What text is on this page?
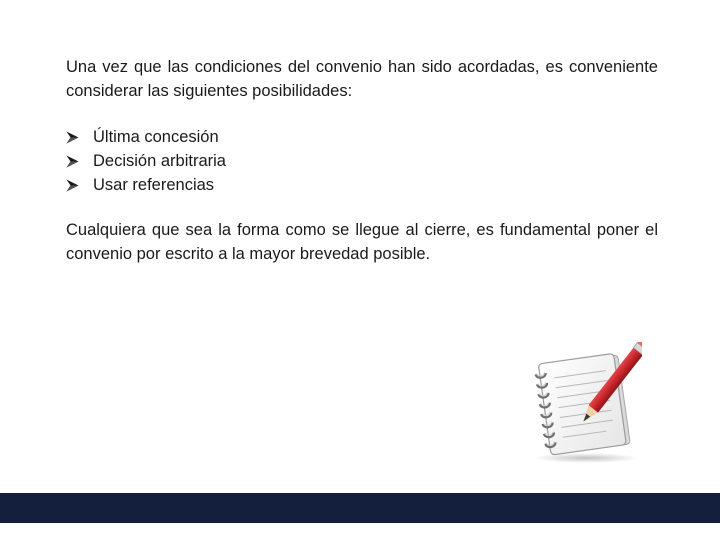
Una vez que las condiciones del convenio han sido acordadas, es conveniente considerar las siguientes posibilidades:

Última concesión
Decisión arbitraria
Usar referencias

Cualquiera que sea la forma como se llegue al cierre, es fundamental poner el convenio por escrito a la mayor brevedad posible.
